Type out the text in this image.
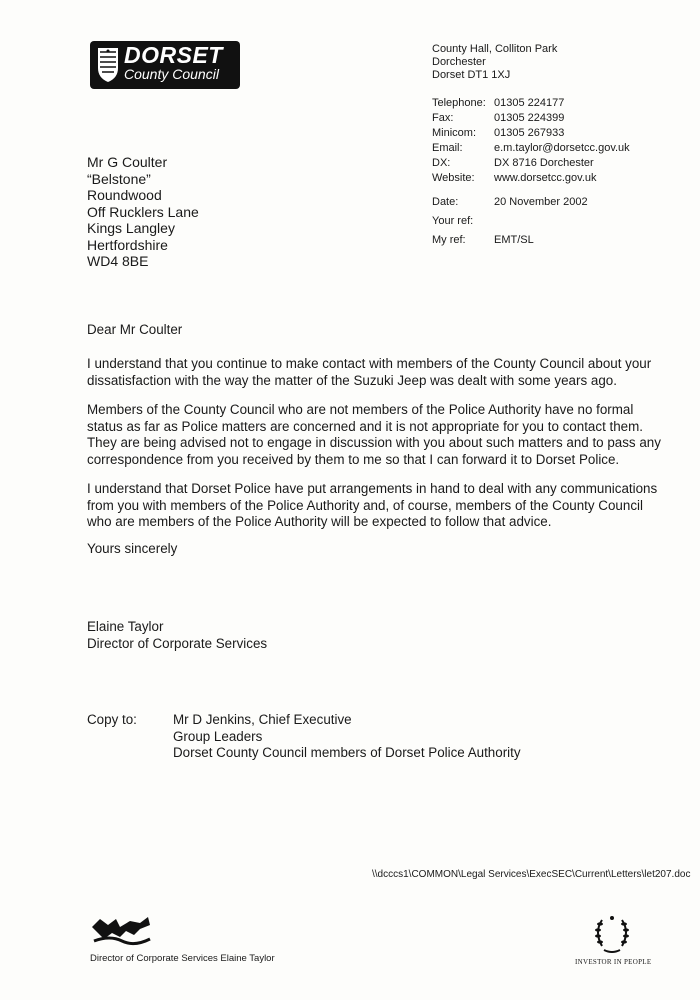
DORSET
County Council
County Hall, Colliton Park
Dorchester
Dorset DT1 1XJ
Telephone: 01305 224177
Fax:	01305 224399
Minicom: 01305 267933
Email:	e.m.taylor@dorsetcc.gov.uk
DX:	DX 8716 Dorchester
Website: www.dorsetcc.gov.uk
Date:	20 November 2002
Your ref:
My ref:	EMT/SL
Mr G Coulter
“Belstone”
Roundwood
Off Rucklers Lane
Kings Langley
Hertfordshire
WD4 8BE
Dear Mr Coulter

I understand that you continue to make contact with members of the County Council about your dissatisfaction with the way the matter of the Suzuki Jeep was dealt with some years ago.

Members of the County Council who are not members of the Police Authority have no formal status as far as Police matters are concerned and it is not appropriate for you to contact them. They are being advised not to engage in discussion with you about such matters and to pass any correspondence from you received by them to me so that I can forward it to Dorset Police.

I understand that Dorset Police have put arrangements in hand to deal with any communications from you with members of the Police Authority and, of course, members of the County Council who are members of the Police Authority will be expected to follow that advice.

Yours sincerely
Elaine Taylor
Director of Corporate Services
Copy to:	Mr D Jenkins, Chief Executive
Group Leaders
Dorset County Council members of Dorset Police Authority
\\dcccs1\COMMON\Legal Services\ExecSEC\Current\Letters\let207.doc
Director of Corporate Services Elaine Taylor	INVESTOR IN PEOPLE
